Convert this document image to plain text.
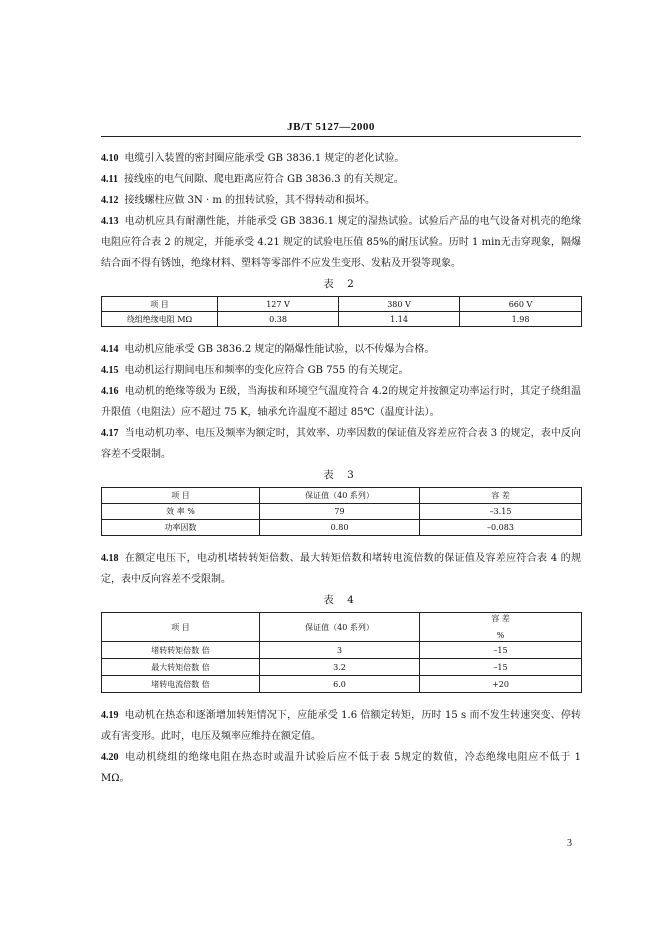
JB/T 5127—2000

4.10 电缆引入装置的密封圈应能承受 GB 3836.1 规定的老化试验。

4.11 接线座的电气间隙、爬电距离应符合 GB 3836.3 的有关规定。

4.12 接线螺柱应做 3N · m 的扭转试验，其不得转动和损坏。

4.13 电动机应具有耐潮性能，并能承受 GB 3836.1 规定的湿热试验。试验后产品的电气设备对机壳的绝缘电阻应符合表 2 的规定，并能承受 4.21 规定的试验电压值 85%的耐压试验。历时 1 min无击穿现象，隔爆结合面不得有锈蚀，绝缘材料、塑料等零部件不应发生变形、发粘及开裂等现象。

表 2
项 目	127 V	380 V	660 V
绕组绝缘电阻 MΩ	0.38	1.14	1.98

4.14 电动机应能承受 GB 3836.2 规定的隔爆性能试验，以不传爆为合格。

4.15 电动机运行期间电压和频率的变化应符合 GB 755 的有关规定。

4.16 电动机的绝缘等级为 E级，当海拔和环境空气温度符合 4.2的规定并按额定功率运行时，其定子绕组温升限值（电阻法）应不超过 75 K，轴承允许温度不超过 85℃（温度计法）。

4.17 当电动机功率、电压及频率为额定时，其效率、功率因数的保证值及容差应符合表 3 的规定，表中反向容差不受限制。

表 3
项 目	保证值（40 系列）	容 差
效 率 %	79	–3.15
功率因数	0.80	–0.083

4.18 在额定电压下，电动机堵转转矩倍数、最大转矩倍数和堵转电流倍数的保证值及容差应符合表 4 的规定，表中反向容差不受限制。

表 4
项 目	保证值（40 系列）	容 差
%

堵转转矩倍数 倍	3	–15
最大转矩倍数 倍	3.2	–15
堵转电流倍数 倍	6.0	+20

4.19 电动机在热态和逐渐增加转矩情况下，应能承受 1.6 倍额定转矩，历时 15 s 而不发生转速突变、停转或有害变形。此时，电压及频率应维持在额定值。

4.20 电动机绕组的绝缘电阻在热态时或温升试验后应不低于表 5规定的数值，冷态绝缘电阻应不低于 1 MΩ。

3
